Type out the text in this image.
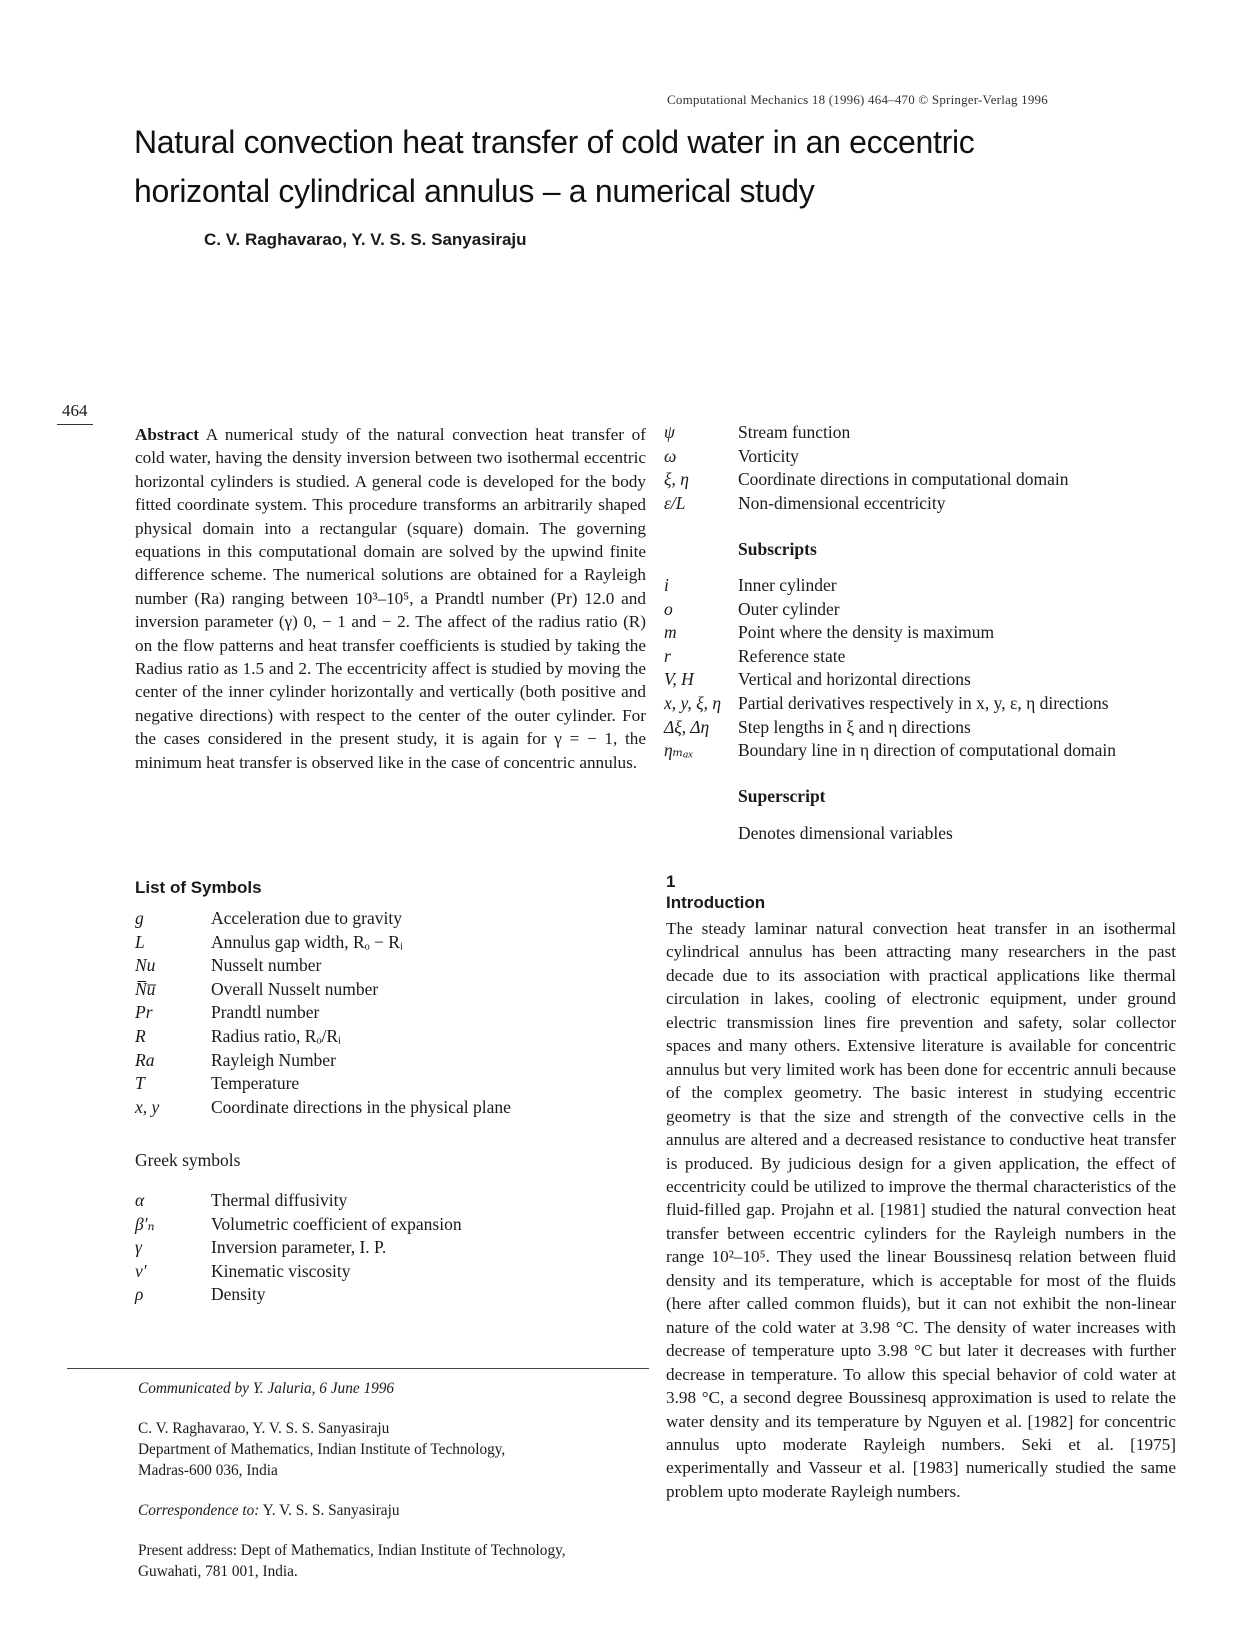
Computational Mechanics 18 (1996) 464–470 © Springer-Verlag 1996
Natural convection heat transfer of cold water in an eccentric horizontal cylindrical annulus – a numerical study
C. V. Raghavarao, Y. V. S. S. Sanyasiraju
464
Abstract A numerical study of the natural convection heat transfer of cold water, having the density inversion between two isothermal eccentric horizontal cylinders is studied. A general code is developed for the body fitted coordinate system. This procedure transforms an arbitrarily shaped physical domain into a rectangular (square) domain. The governing equations in this computational domain are solved by the upwind finite difference scheme. The numerical solutions are obtained for a Rayleigh number (Ra) ranging between 10³–10⁵, a Prandtl number (Pr) 12.0 and inversion parameter (γ) 0, − 1 and − 2. The affect of the radius ratio (R) on the flow patterns and heat transfer coefficients is studied by taking the Radius ratio as 1.5 and 2. The eccentricity affect is studied by moving the center of the inner cylinder horizontally and vertically (both positive and negative directions) with respect to the center of the outer cylinder. For the cases considered in the present study, it is again for γ = − 1, the minimum heat transfer is observed like in the case of concentric annulus.
List of Symbols
g	Acceleration due to gravity
L	Annulus gap width, Rₒ − Rᵢ
Nu	Nusselt number
N̅u̅	Overall Nusselt number
Pr	Prandtl number
R	Radius ratio, Rₒ/Rᵢ
Ra	Rayleigh Number
T	Temperature
x, y	Coordinate directions in the physical plane
Greek symbols
α	Thermal diffusivity
β′ₙ	Volumetric coefficient of expansion
γ	Inversion parameter, I. P.
ν′	Kinematic viscosity
ρ	Density
ψ	Stream function
ω	Vorticity
ξ, η	Coordinate directions in computational domain
ε/L	Non-dimensional eccentricity
Subscripts
i	Inner cylinder
o	Outer cylinder
m	Point where the density is maximum
r	Reference state
V, H	Vertical and horizontal directions
x, y, ξ, η	Partial derivatives respectively in x, y, ε, η directions
Δξ, Δη	Step lengths in ξ and η directions
ηₘₐₓ	Boundary line in η direction of computational domain
Superscript
Denotes dimensional variables

Communicated by Y. Jaluria, 6 June 1996

C. V. Raghavarao, Y. V. S. S. Sanyasiraju
Department of Mathematics, Indian Institute of Technology,
Madras-600 036, India

Correspondence to: Y. V. S. S. Sanyasiraju

Present address: Dept of Mathematics, Indian Institute of Technology,
Guwahati, 781 001, India.

1
Introduction
The steady laminar natural convection heat transfer in an isothermal cylindrical annulus has been attracting many researchers in the past decade due to its association with practical applications like thermal circulation in lakes, cooling of electronic equipment, under ground electric transmission lines fire prevention and safety, solar collector spaces and many others. Extensive literature is available for concentric annulus but very limited work has been done for eccentric annuli because of the complex geometry. The basic interest in studying eccentric geometry is that the size and strength of the convective cells in the annulus are altered and a decreased resistance to conductive heat transfer is produced. By judicious design for a given application, the effect of eccentricity could be utilized to improve the thermal characteristics of the fluid-filled gap. Projahn et al. [1981] studied the natural convection heat transfer between eccentric cylinders for the Rayleigh numbers in the range 10²–10⁵. They used the linear Boussinesq relation between fluid density and its temperature, which is acceptable for most of the fluids (here after called common fluids), but it can not exhibit the non-linear nature of the cold water at 3.98 °C. The density of water increases with decrease of temperature upto 3.98 °C but later it decreases with further decrease in temperature. To allow this special behavior of cold water at 3.98 °C, a second degree Boussinesq approximation is used to relate the water density and its temperature by Nguyen et al. [1982] for concentric annulus upto moderate Rayleigh numbers. Seki et al. [1975] experimentally and Vasseur et al. [1983] numerically studied the same problem upto moderate Rayleigh numbers.
